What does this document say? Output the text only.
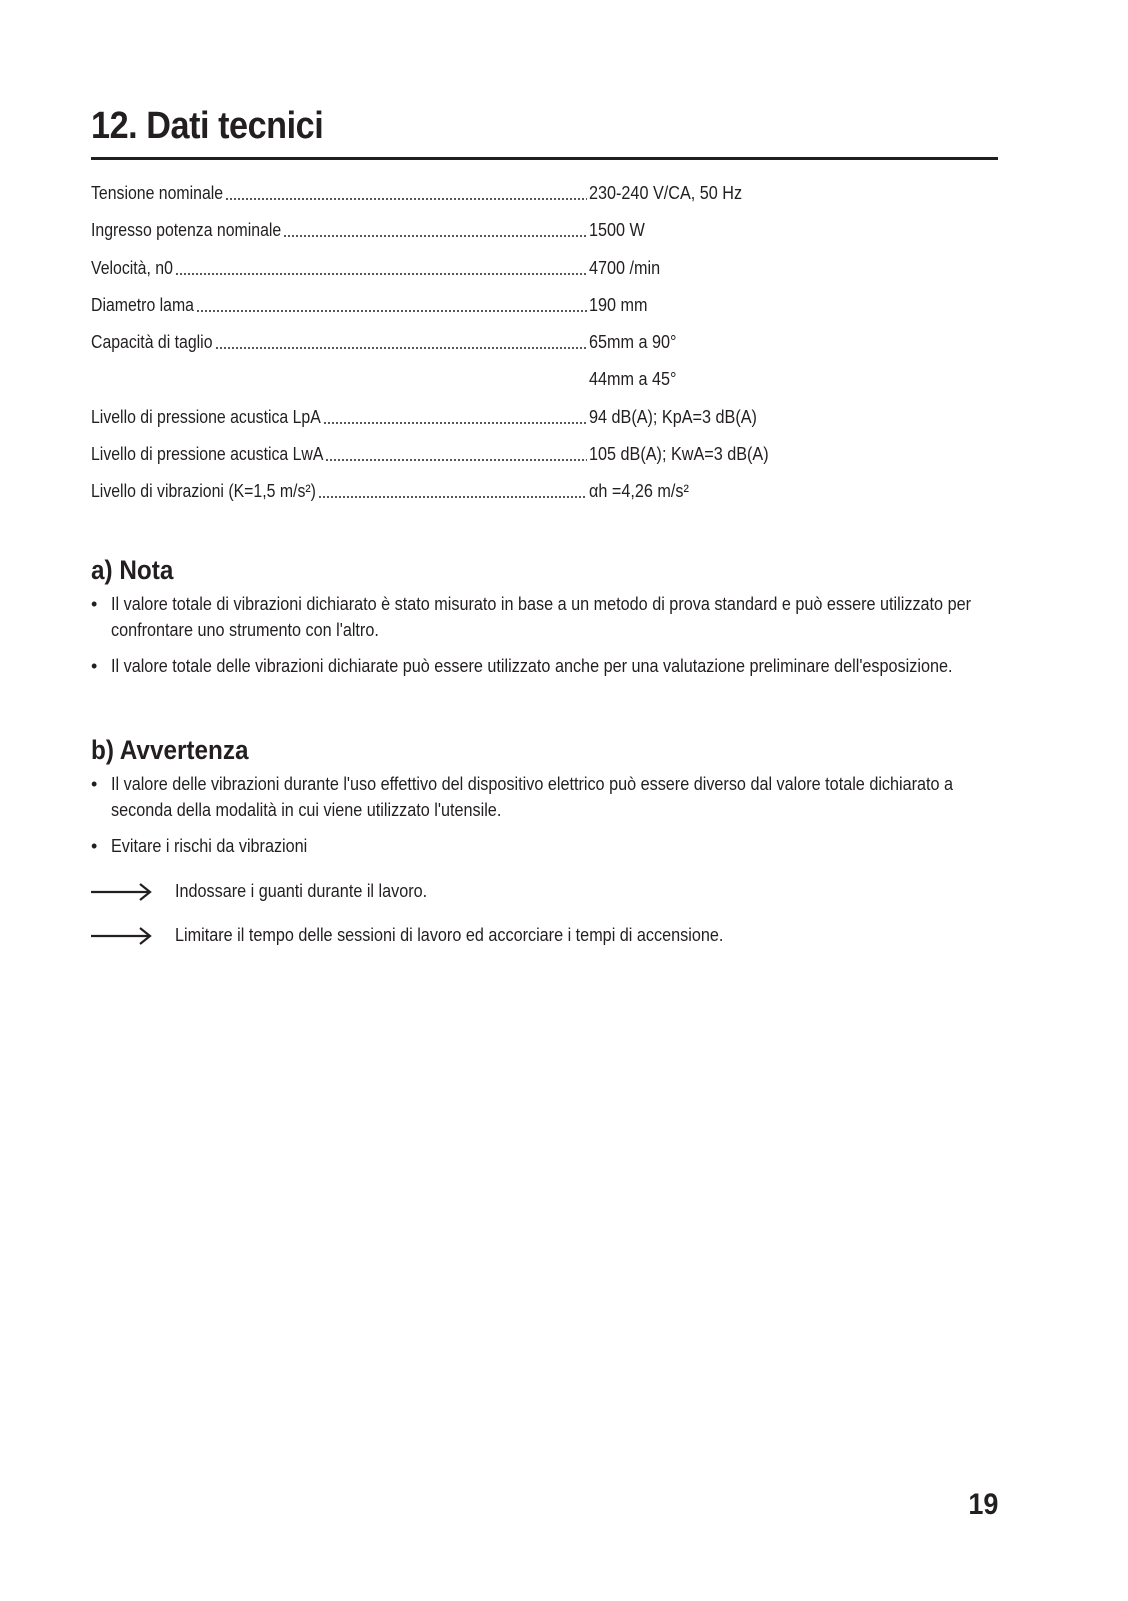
12. Dati tecnici
Tensione nominale	230-240 V/CA, 50 Hz
Ingresso potenza nominale	1500 W
Velocità, n0	4700 /min
Diametro lama	190 mm
Capacità di taglio	65mm a 90°
44mm a 45°
Livello di pressione acustica LpA	94 dB(A); KpA=3 dB(A)
Livello di pressione acustica LwA	105 dB(A); KwA=3 dB(A)
Livello di vibrazioni (K=1,5 m/s²)	αh =4,26 m/s²
a) Nota
• Il valore totale di vibrazioni dichiarato è stato misurato in base a un metodo di prova standard e può essere utilizzato per confrontare uno strumento con l'altro.
• Il valore totale delle vibrazioni dichiarate può essere utilizzato anche per una valutazione preliminare dell'esposizione.
b) Avvertenza
• Il valore delle vibrazioni durante l'uso effettivo del dispositivo elettrico può essere diverso dal valore totale dichiarato a seconda della modalità in cui viene utilizzato l'utensile.
• Evitare i rischi da vibrazioni
Indossare i guanti durante il lavoro.
Limitare il tempo delle sessioni di lavoro ed accorciare i tempi di accensione.
19
